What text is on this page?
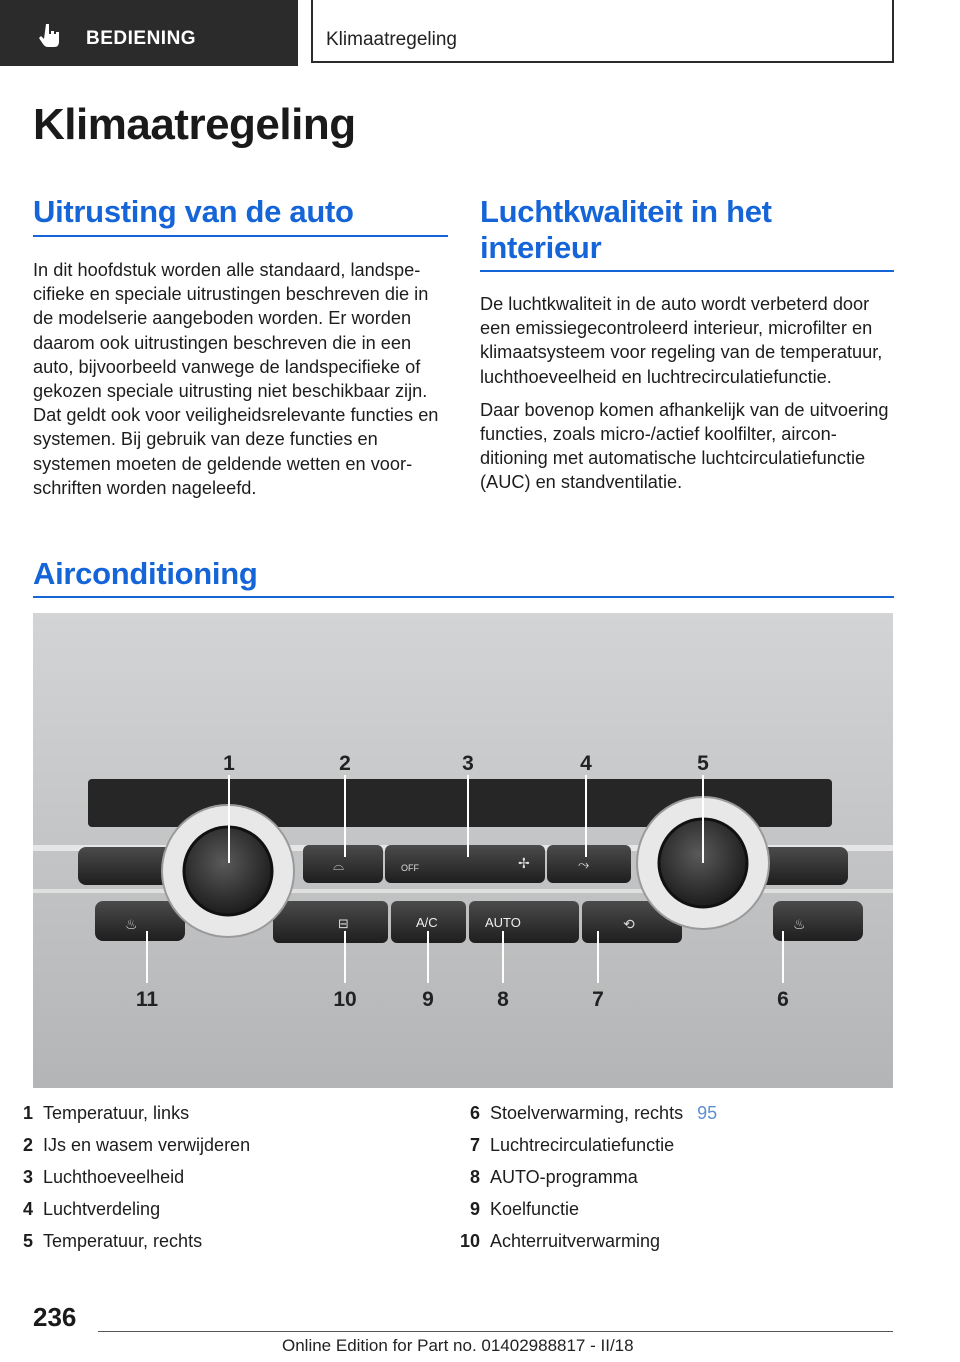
BEDIENING	Klimaatregeling
Klimaatregeling
Uitrusting van de auto

In dit hoofdstuk worden alle standaard, landspecifieke en speciale uitrustingen beschreven die in de modelserie aangeboden worden. Er worden daarom ook uitrustingen beschreven die in een auto, bijvoorbeeld vanwege de landspecifieke of gekozen speciale uitrusting niet beschikbaar zijn. Dat geldt ook voor veiligheidsrelevante functies en systemen. Bij gebruik van deze functies en systemen moeten de geldende wetten en voorschriften worden nageleefd.

Luchtkwaliteit in het interieur

De luchtkwaliteit in de auto wordt verbeterd door een emissiegecontroleerd interieur, microfilter en klimaatsysteem voor regeling van de temperatuur, luchthoeveelheid en luchtrecirculatiefunctie.

Daar bovenop komen afhankelijk van de uitvoering functies, zoals micro-/actief koolfilter, airconditioning met automatische luchtcirculatiefunctie (AUC) en standventilatie.

Airconditioning
OFF
A/C	AUTO
✢
⌓
⊟	⟲
♨	♨
⤳
1	2	3	4	5
11	10	9	8	7	6
1 Temperatuur, links
2 IJs en wasem verwijderen
3 Luchthoeveelheid
4 Luchtverdeling
5 Temperatuur, rechts
6 Stoelverwarming, rechts 95
7 Luchtrecirculatiefunctie
8 AUTO-programma
9 Koelfunctie
10 Achterruitverwarming
236
Online Edition for Part no. 01402988817 - II/18
